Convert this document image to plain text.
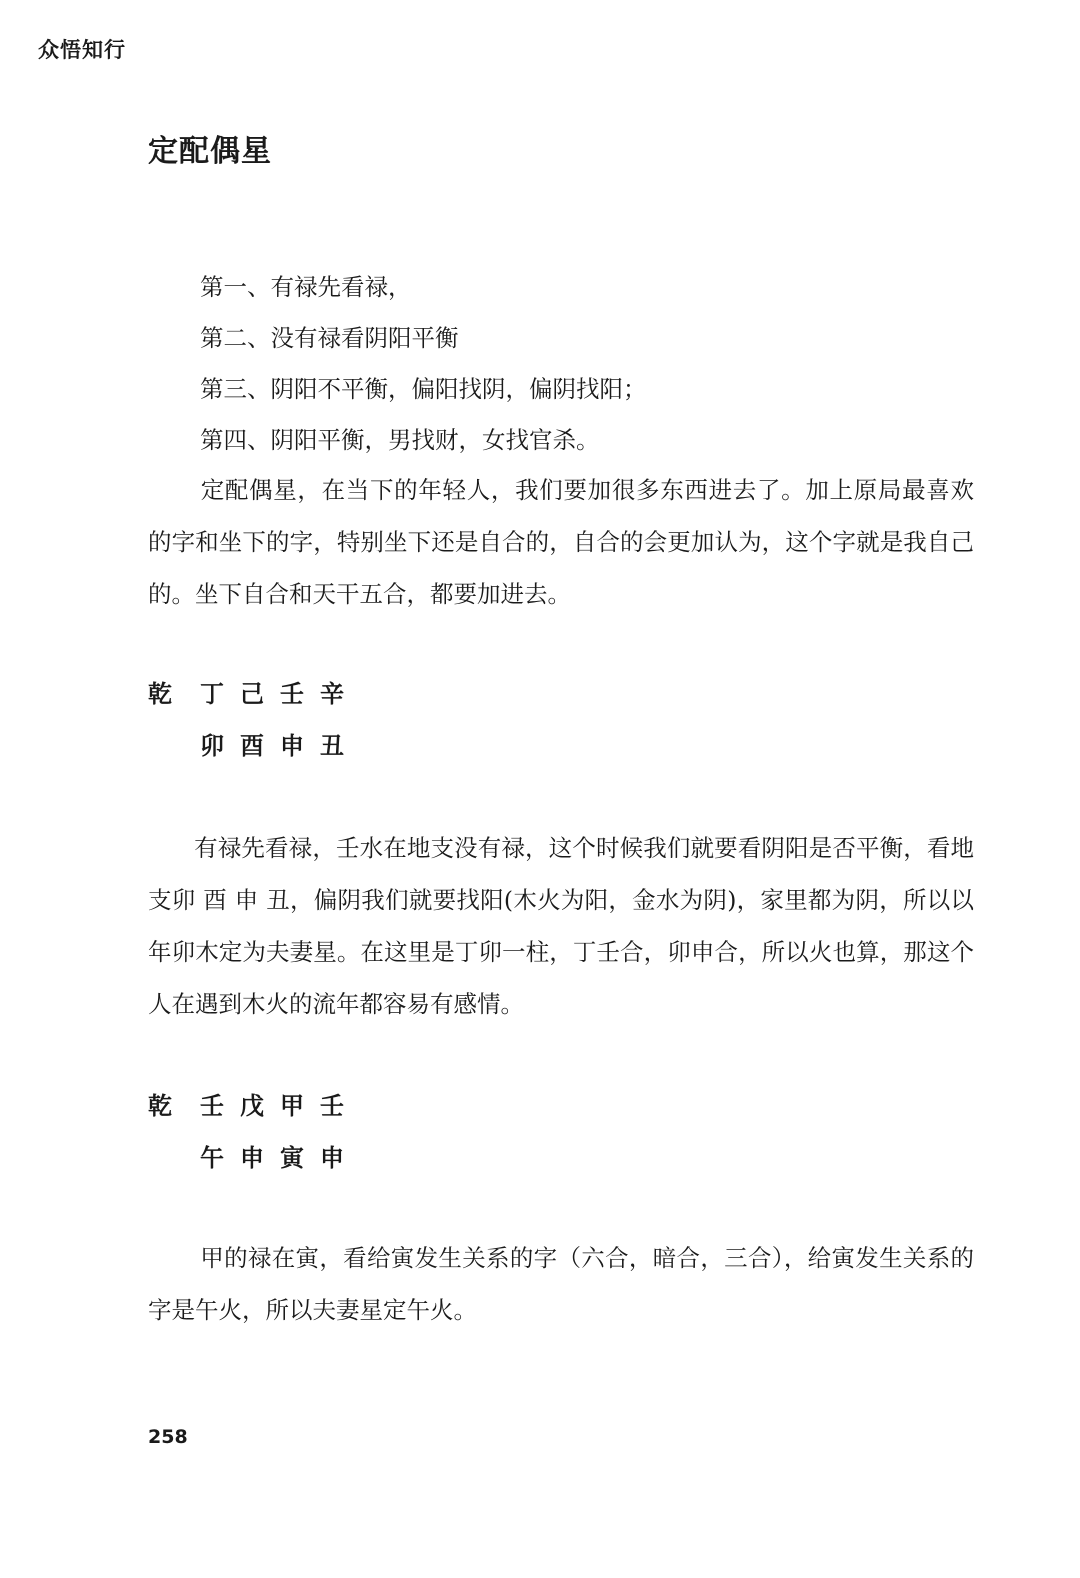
众悟知行
定配偶星
第一、有禄先看禄，
第二、没有禄看阴阳平衡
第三、阴阳不平衡，偏阳找阴，偏阴找阳；
第四、阴阳平衡，男找财，女找官杀。

定配偶星，在当下的年轻人，我们要加很多东西进去了。加上原局最喜欢的字和坐下的字，特别坐下还是自合的，自合的会更加认为，这个字就是我自己的。坐下自合和天干五合，都要加进去。

乾 丁 己 壬 辛
卯 酉 申 丑

有禄先看禄，壬水在地支没有禄，这个时候我们就要看阴阳是否平衡，看地支卯 酉 申 丑，偏阴我们就要找阳(木火为阳，金水为阴)，家里都为阴，所以以年卯木定为夫妻星。在这里是丁卯一柱，丁壬合，卯申合，所以火也算，那这个人在遇到木火的流年都容易有感情。

乾 壬 戊 甲 壬
午 申 寅 申

甲的禄在寅，看给寅发生关系的字（六合，暗合，三合），给寅发生关系的字是午火，所以夫妻星定午火。

258
